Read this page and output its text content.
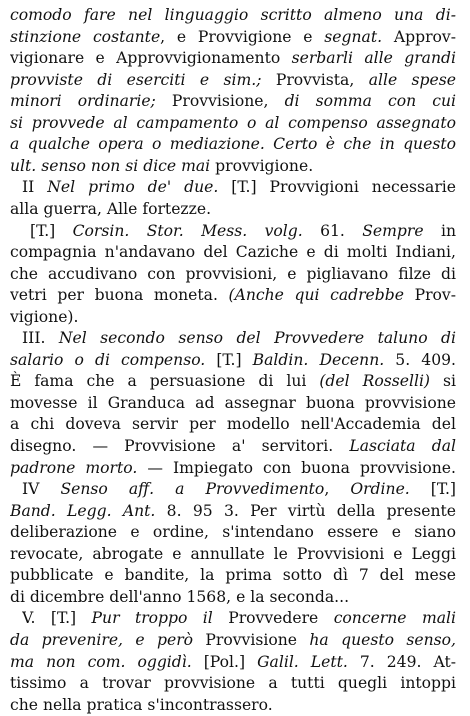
comodo fare nel linguaggio scritto almeno una di-
stinzione costante, e Provvigione e segnat. Approv-
vigionare e Approvvigionamento serbarli alle grandi
provviste di eserciti e sim.; Provvista, alle spese
minori ordinarie; Provvisione, di somma con cui
si provvede al campamento o al compenso assegnato
a qualche opera o mediazione. Certo è che in questo
ult. senso non si dice mai provvigione.
II Nel primo de' due. [T.] Provvigioni necessarie
alla guerra, Alle fortezze.
[T.] Corsin. Stor. Mess. volg. 61. Sempre in
compagnia n'andavano del Caziche e di molti Indiani,
che accudivano con provvisioni, e pigliavano filze di
vetri per buona moneta. (Anche qui cadrebbe Prov-
vigione).
III. Nel secondo senso del Provvedere taluno di
salario o di compenso. [T.] Baldin. Decenn. 5. 409.
È fama che a persuasione di lui (del Rosselli) si
movesse il Granduca ad assegnar buona provvisione
a chi doveva servir per modello nell'Accademia del
disegno. — Provvisione a' servitori. Lasciata dal
padrone morto. — Impiegato con buona provvisione.
IV Senso aff. a Provvedimento, Ordine. [T.]
Band. Legg. Ant. 8. 95 3. Per virtù della presente
deliberazione e ordine, s'intendano essere e siano
revocate, abrogate e annullate le Provvisioni e Leggi
pubblicate e bandite, la prima sotto dì 7 del mese
di dicembre dell'anno 1568, e la seconda...
V. [T.] Pur troppo il Provvedere concerne mali
da prevenire, e però Provvisione ha questo senso,
ma non com. oggidì. [Pol.] Galil. Lett. 7. 249. At-
tissimo a trovar provvisione a tutti quegli intoppi
che nella pratica s'incontrassero.
